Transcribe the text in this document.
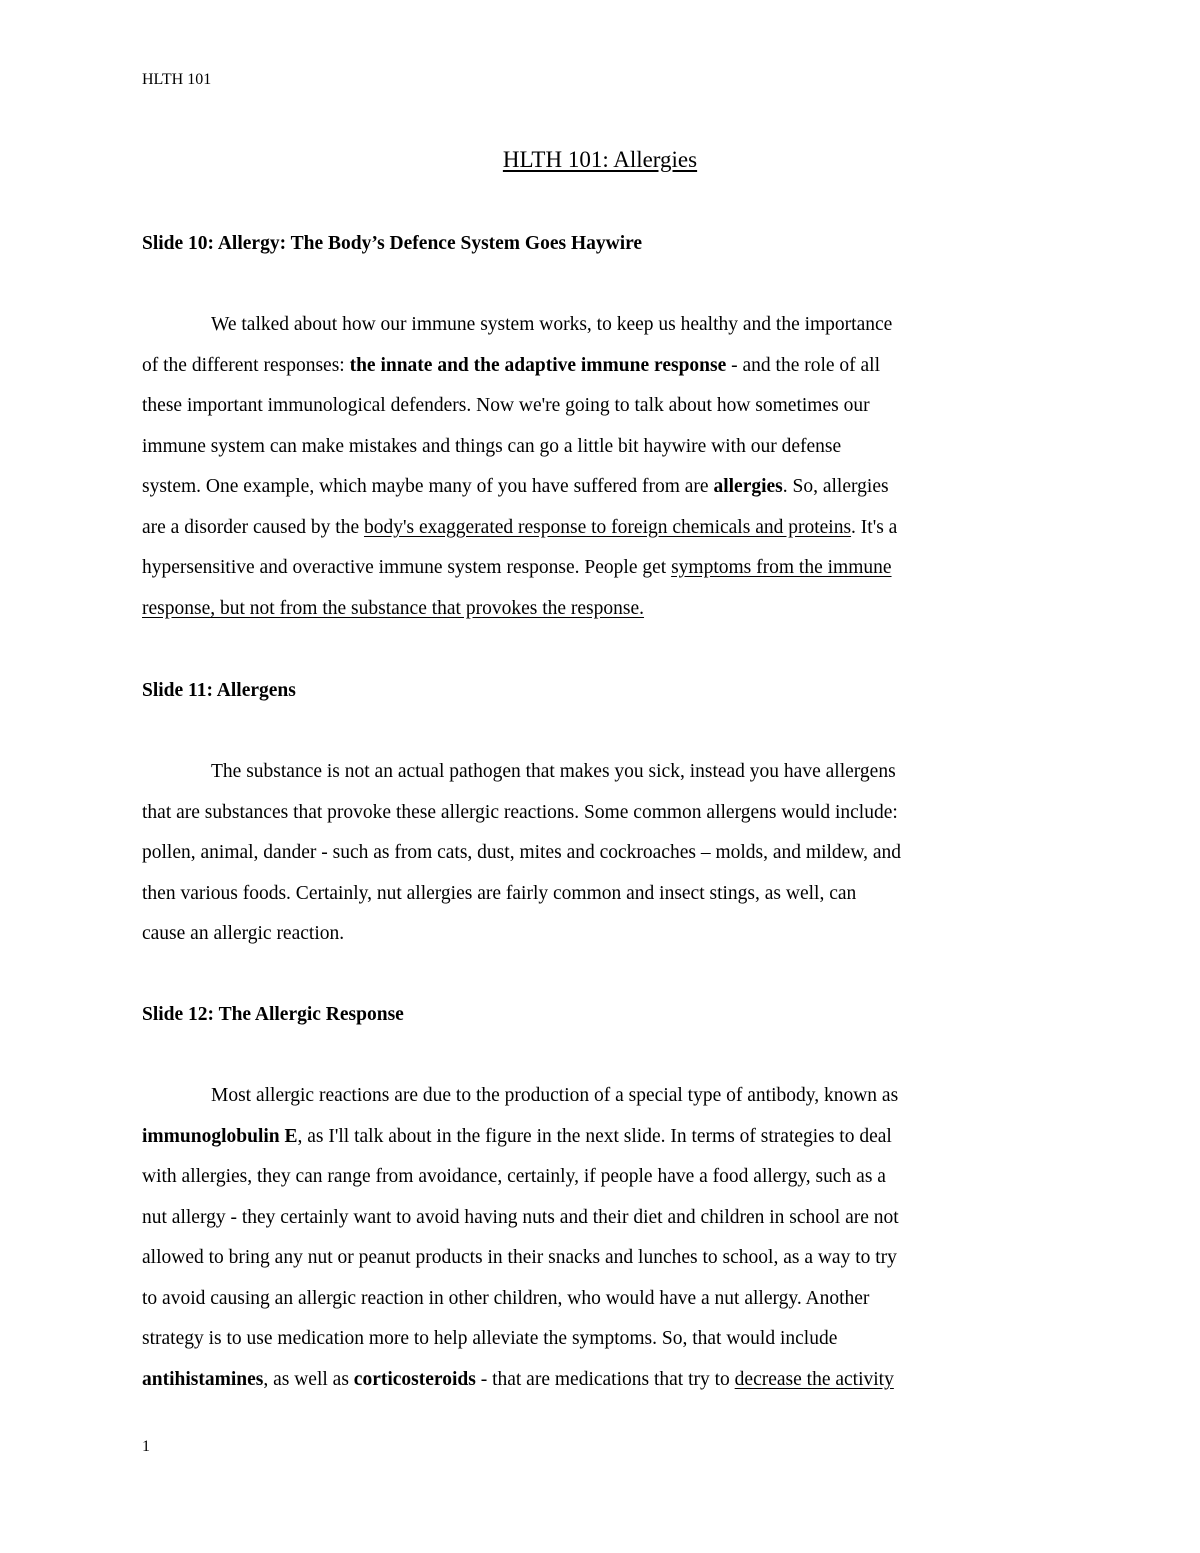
HLTH 101
HLTH 101: Allergies
Slide 10: Allergy: The Body’s Defence System Goes Haywire
We talked about how our immune system works, to keep us healthy and the importance
of the different responses: the innate and the adaptive immune response - and the role of all
these important immunological defenders. Now we're going to talk about how sometimes our
immune system can make mistakes and things can go a little bit haywire with our defense
system. One example, which maybe many of you have suffered from are allergies. So, allergies
are a disorder caused by the body's exaggerated response to foreign chemicals and proteins. It's a
hypersensitive and overactive immune system response. People get symptoms from the immune
response, but not from the substance that provokes the response.
Slide 11: Allergens
The substance is not an actual pathogen that makes you sick, instead you have allergens
that are substances that provoke these allergic reactions. Some common allergens would include:
pollen, animal, dander - such as from cats, dust, mites and cockroaches – molds, and mildew, and
then various foods. Certainly, nut allergies are fairly common and insect stings, as well, can
cause an allergic reaction.
Slide 12: The Allergic Response
Most allergic reactions are due to the production of a special type of antibody, known as
immunoglobulin E, as I'll talk about in the figure in the next slide. In terms of strategies to deal
with allergies, they can range from avoidance, certainly, if people have a food allergy, such as a
nut allergy - they certainly want to avoid having nuts and their diet and children in school are not
allowed to bring any nut or peanut products in their snacks and lunches to school, as a way to try
to avoid causing an allergic reaction in other children, who would have a nut allergy. Another
strategy is to use medication more to help alleviate the symptoms. So, that would include
antihistamines, as well as corticosteroids - that are medications that try to decrease the activity
1
